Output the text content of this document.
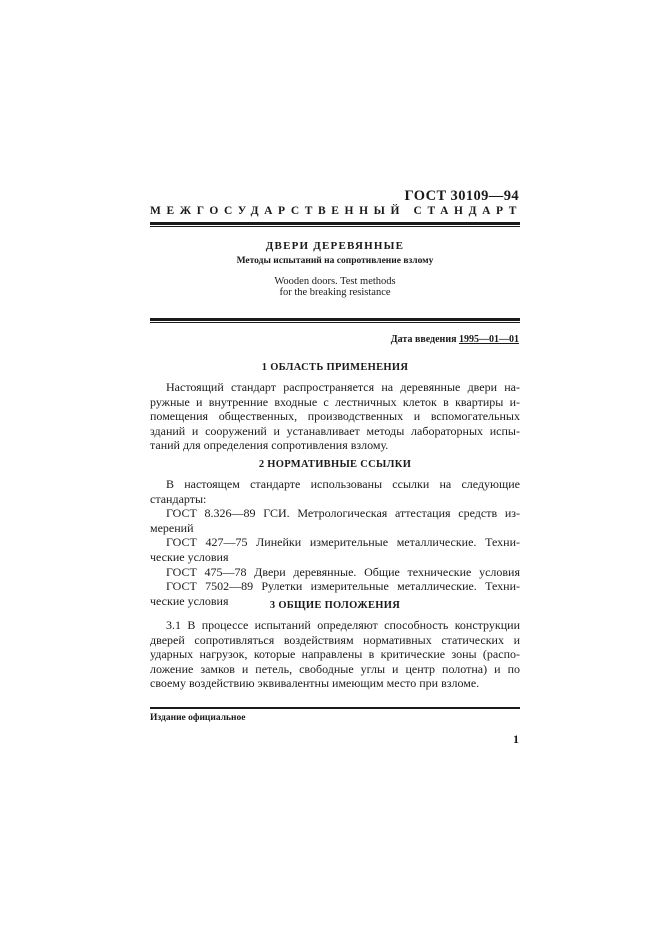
ГОСТ 30109—94
МЕЖГОСУДАРСТВЕННЫЙ СТАНДАРТ
ДВЕРИ ДЕРЕВЯННЫЕ
Методы испытаний на сопротивление взлому
Wooden doors. Test methods
for the breaking resistance
Дата введения 1995—01—01
1 ОБЛАСТЬ ПРИМЕНЕНИЯ
Настоящий стандарт распространяется на деревянные двери на-
ружные и внутренние входные с лестничных клеток в квартиры и-
помещения общественных, производственных и вспомогательных
зданий и сооружений и устанавливает методы лабораторных испы-
таний для определения сопротивления взлому.
2 НОРМАТИВНЫЕ ССЫЛКИ
В настоящем стандарте использованы ссылки на следующие
стандарты:
ГОСТ 8.326—89 ГСИ. Метрологическая аттестация средств из-
мерений
ГОСТ 427—75 Линейки измерительные металлические. Техни-
ческие условия
ГОСТ 475—78 Двери деревянные. Общие технические условия
ГОСТ 7502—89 Рулетки измерительные металлические. Техни-
ческие условия	3 ОБЩИЕ ПОЛОЖЕНИЯ
3.1 В процессе испытаний определяют способность конструкции
дверей сопротивляться воздействиям нормативных статических и
ударных нагрузок, которые направлены в критические зоны (распо-
ложение замков и петель, свободные углы и центр полотна) и по
своему воздействию эквивалентны имеющим место при взломе.
Издание официальное
1
